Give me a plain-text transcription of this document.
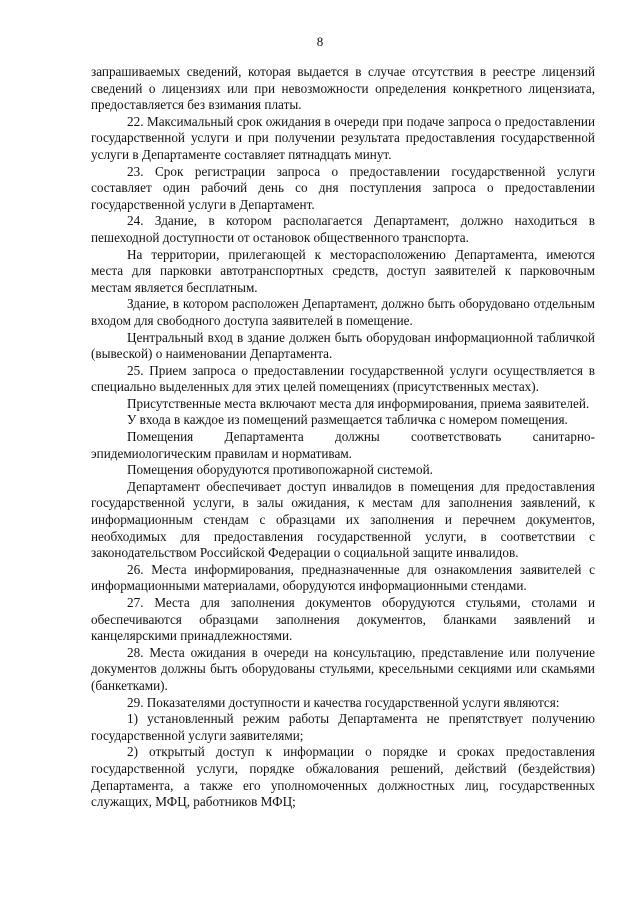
8

запрашиваемых сведений, которая выдается в случае отсутствия в реестре лицензий сведений о лицензиях или при невозможности определения конкретного лицензиата, предоставляется без взимания платы.

22. Максимальный срок ожидания в очереди при подаче запроса о предоставлении государственной услуги и при получении результата предоставления государственной услуги в Департаменте составляет пятнадцать минут.

23. Срок регистрации запроса о предоставлении государственной услуги составляет один рабочий день со дня поступления запроса о предоставлении государственной услуги в Департамент.

24. Здание, в котором располагается Департамент, должно находиться в пешеходной доступности от остановок общественного транспорта.

На территории, прилегающей к месторасположению Департамента, имеются места для парковки автотранспортных средств, доступ заявителей к парковочным местам является бесплатным.

Здание, в котором расположен Департамент, должно быть оборудовано отдельным входом для свободного доступа заявителей в помещение.

Центральный вход в здание должен быть оборудован информационной табличкой (вывеской) о наименовании Департамента.

25. Прием запроса о предоставлении государственной услуги осуществляется в специально выделенных для этих целей помещениях (присутственных местах).

Присутственные места включают места для информирования, приема заявителей.

У входа в каждое из помещений размещается табличка с номером помещения.

Помещения Департамента должны соответствовать санитарно-эпидемиологическим правилам и нормативам.

Помещения оборудуются противопожарной системой.

Департамент обеспечивает доступ инвалидов в помещения для предоставления государственной услуги, в залы ожидания, к местам для заполнения заявлений, к информационным стендам с образцами их заполнения и перечнем документов, необходимых для предоставления государственной услуги, в соответствии с законодательством Российской Федерации о социальной защите инвалидов.

26. Места информирования, предназначенные для ознакомления заявителей с информационными материалами, оборудуются информационными стендами.

27. Места для заполнения документов оборудуются стульями, столами и обеспечиваются образцами заполнения документов, бланками заявлений и канцелярскими принадлежностями.

28. Места ожидания в очереди на консультацию, представление или получение документов должны быть оборудованы стульями, кресельными секциями или скамьями (банкетками).

29. Показателями доступности и качества государственной услуги являются:

1) установленный режим работы Департамента не препятствует получению государственной услуги заявителями;

2) открытый доступ к информации о порядке и сроках предоставления государственной услуги, порядке обжалования решений, действий (бездействия) Департамента, а также его уполномоченных должностных лиц, государственных служащих, МФЦ, работников МФЦ;
